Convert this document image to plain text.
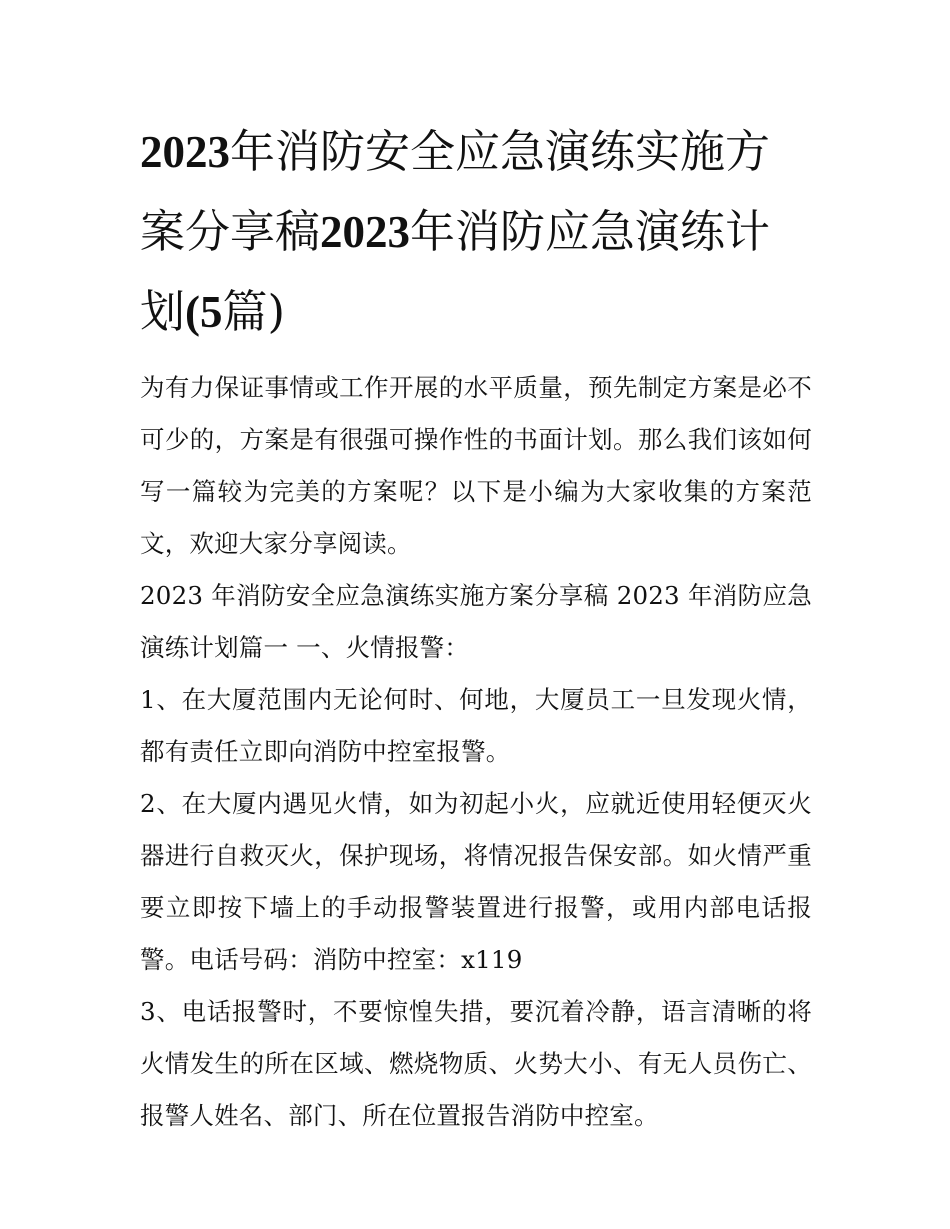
2023年消防安全应急演练实施方案分享稿2023年消防应急演练计划(5篇)

为有力保证事情或工作开展的水平质量，预先制定方案是必不可少的，方案是有很强可操作性的书面计划。那么我们该如何写一篇较为完美的方案呢？以下是小编为大家收集的方案范文，欢迎大家分享阅读。

2023 年消防安全应急演练实施方案分享稿 2023 年消防应急演练计划篇一 一、火情报警：

1、在大厦范围内无论何时、何地，大厦员工一旦发现火情，都有责任立即向消防中控室报警。

2、在大厦内遇见火情，如为初起小火，应就近使用轻便灭火器进行自救灭火，保护现场，将情况报告保安部。如火情严重要立即按下墙上的手动报警装置进行报警，或用内部电话报警。电话号码：消防中控室：x119

3、电话报警时，不要惊惶失措，要沉着冷静，语言清晰的将火情发生的所在区域、燃烧物质、火势大小、有无人员伤亡、报警人姓名、部门、所在位置报告消防中控室。
